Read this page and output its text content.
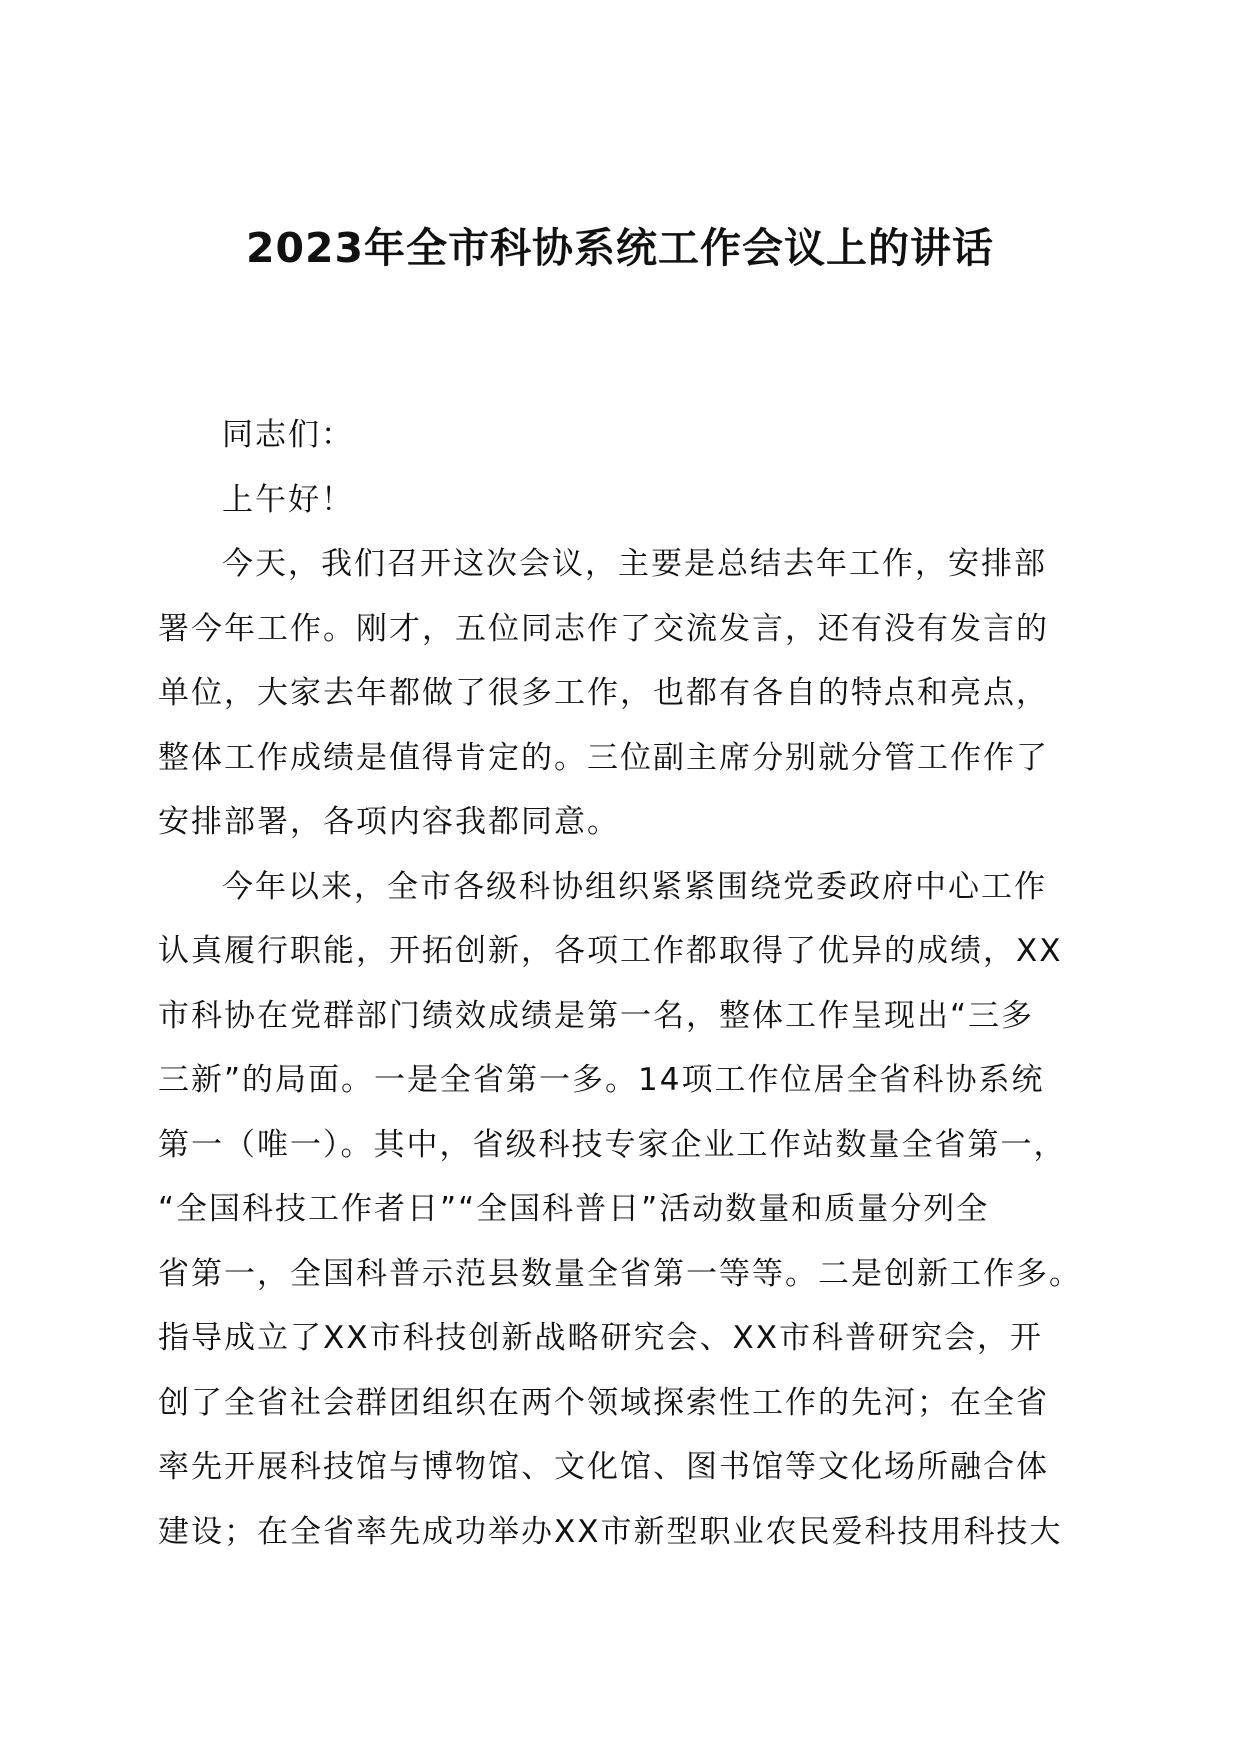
2023年全市科协系统工作会议上的讲话
同志们：
上午好！
今天，我们召开这次会议，主要是总结去年工作，安排部
署今年工作。刚才，五位同志作了交流发言，还有没有发言的
单位，大家去年都做了很多工作，也都有各自的特点和亮点，
整体工作成绩是值得肯定的。三位副主席分别就分管工作作了
安排部署，各项内容我都同意。
今年以来，全市各级科协组织紧紧围绕党委政府中心工作
认真履行职能，开拓创新，各项工作都取得了优异的成绩，XX
市科协在党群部门绩效成绩是第一名，整体工作呈现出“三多
三新”的局面。一是全省第一多。14项工作位居全省科协系统
第一（唯一）。其中，省级科技专家企业工作站数量全省第一，
“全国科技工作者日”“全国科普日”活动数量和质量分列全
省第一，全国科普示范县数量全省第一等等。二是创新工作多。
指导成立了XX市科技创新战略研究会、XX市科普研究会，开
创了全省社会群团组织在两个领域探索性工作的先河；在全省
率先开展科技馆与博物馆、文化馆、图书馆等文化场所融合体
建设；在全省率先成功举办XX市新型职业农民爱科技用科技大
